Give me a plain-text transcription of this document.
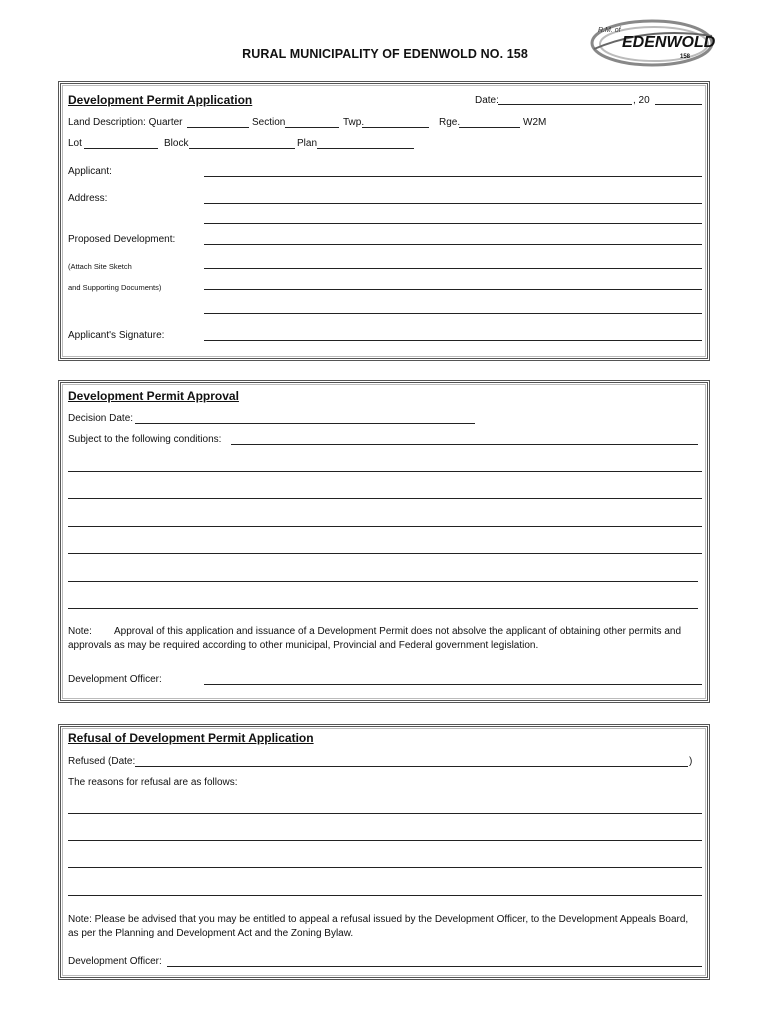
RURAL MUNICIPALITY OF EDENWOLD NO. 158
R.M. of
EDENWOLD
158
Development Permit Application	Date:	, 20
Land Description: Quarter	Section	Twp.	Rge.	W2M
Lot	Block	Plan
Applicant:
Address:
Proposed Development:
(Attach Site Sketch
and Supporting Documents)
Applicant's Signature:
Development Permit Approval
Decision Date:
Subject to the following conditions:
Note: Approval of this application and issuance of a Development Permit does not absolve the applicant of obtaining other permits and
approvals as may be required according to other municipal, Provincial and Federal government legislation.
Development Officer:
Refusal of Development Permit Application
Refused (Date:	)
The reasons for refusal are as follows:
Note: Please be advised that you may be entitled to appeal a refusal issued by the Development Officer, to the Development Appeals Board,
as per the Planning and Development Act and the Zoning Bylaw.
Development Officer:
